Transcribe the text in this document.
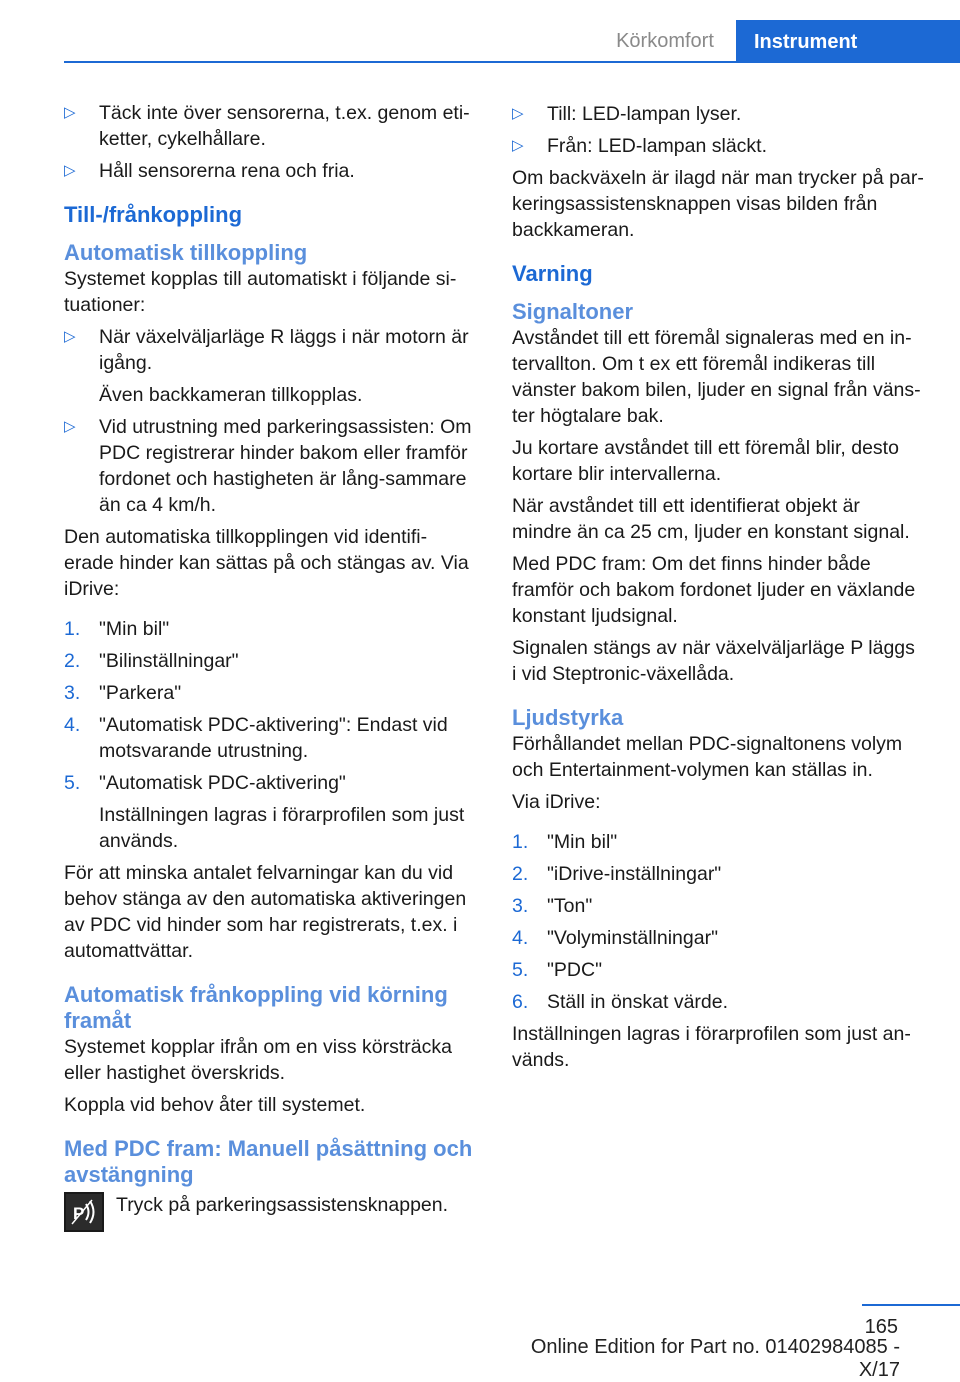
Körkomfort	Instrument
▷ Täck inte över sensorerna, t.ex. genom eti-ketter, cykelhållare.
▷ Håll sensorerna rena och fria.
Till-/frånkoppling
Automatisk tillkoppling
Systemet kopplas till automatiskt i följande si-tuationer:
▷ När växelväljarläge R läggs i när motorn är igång.
Även backkameran tillkopplas.
▷ Vid utrustning med parkeringsassisten: Om PDC registrerar hinder bakom eller framför fordonet och hastigheten är lång-sammare än ca 4 km/h.
Den automatiska tillkopplingen vid identifi-erade hinder kan sättas på och stängas av. Via iDrive:
1. "Min bil"
2. "Bilinställningar"
3. "Parkera"
4. "Automatisk PDC-aktivering": Endast vid motsvarande utrustning.
5. "Automatisk PDC-aktivering"
Inställningen lagras i förarprofilen som just används.
För att minska antalet felvarningar kan du vid behov stänga av den automatiska aktiveringen av PDC vid hinder som har registrerats, t.ex. i automattvättar.
Automatisk frånkoppling vid körning framåt
Systemet kopplar ifrån om en viss körsträcka eller hastighet överskrids.
Koppla vid behov åter till systemet.
Med PDC fram: Manuell påsättning och avstängning
P Tryck på parkeringsassistensknappen.
▷ Till: LED-lampan lyser.
▷ Från: LED-lampan släckt.
Om backväxeln är ilagd när man trycker på par-keringsassistensknappen visas bilden från backkameran.
Varning
Signaltoner
Avståndet till ett föremål signaleras med en in-tervallton. Om t ex ett föremål indikeras till vänster bakom bilen, ljuder en signal från väns-ter högtalare bak.
Ju kortare avståndet till ett föremål blir, desto kortare blir intervallerna.
När avståndet till ett identifierat objekt är mindre än ca 25 cm, ljuder en konstant signal.
Med PDC fram: Om det finns hinder både framför och bakom fordonet ljuder en växlande konstant ljudsignal.
Signalen stängs av när växelväljarläge P läggs i vid Steptronic-växellåda.
Ljudstyrka
Förhållandet mellan PDC-signaltonens volym och Entertainment-volymen kan ställas in.
Via iDrive:
1. "Min bil"
2. "iDrive-inställningar"
3. "Ton"
4. "Volyminställningar"
5. "PDC"
6. Ställ in önskat värde.
Inställningen lagras i förarprofilen som just an-vänds.
165
Online Edition for Part no. 01402984085 - X/17
